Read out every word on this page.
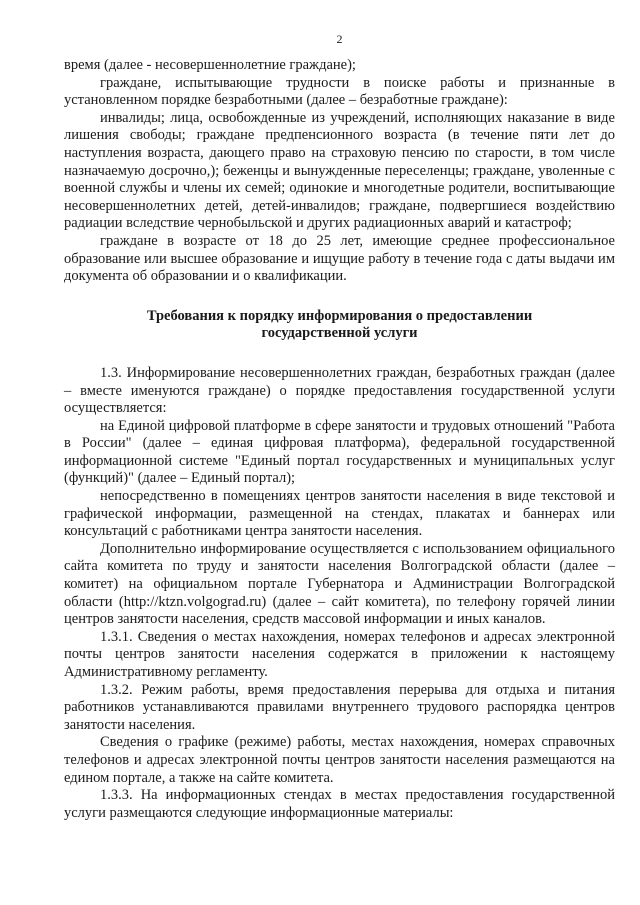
2

время (далее - несовершеннолетние граждане);

граждане, испытывающие трудности в поиске работы и признанные в установленном порядке безработными (далее – безработные граждане):

инвалиды; лица, освобожденные из учреждений, исполняющих наказание в виде лишения свободы; граждане предпенсионного возраста (в течение пяти лет до наступления возраста, дающего право на страховую пенсию по старости, в том числе назначаемую досрочно,); беженцы и вынужденные переселенцы; граждане, уволенные с военной службы и члены их семей; одинокие и многодетные родители, воспитывающие несовершеннолетних детей, детей-инвалидов; граждане, подвергшиеся воздействию радиации вследствие чернобыльской и других радиационных аварий и катастроф;

граждане в возрасте от 18 до 25 лет, имеющие среднее профессиональное образование или высшее образование и ищущие работу в течение года с даты выдачи им документа об образовании и о квалификации.

Требования к порядку информирования о предоставлении
государственной услуги

1.3. Информирование несовершеннолетних граждан, безработных граждан (далее – вместе именуются граждане) о порядке предоставления государственной услуги осуществляется:

на Единой цифровой платформе в сфере занятости и трудовых отношений "Работа в России" (далее – единая цифровая платформа), федеральной государственной информационной системе "Единый портал государственных и муниципальных услуг (функций)" (далее – Единый портал);

непосредственно в помещениях центров занятости населения в виде текстовой и графической информации, размещенной на стендах, плакатах и баннерах или консультаций с работниками центра занятости населения.

Дополнительно информирование осуществляется с использованием официального сайта комитета по труду и занятости населения Волгоградской области (далее – комитет) на официальном портале Губернатора и Администрации Волгоградской области (http://ktzn.volgograd.ru) (далее – сайт комитета), по телефону горячей линии центров занятости населения, средств массовой информации и иных каналов.

1.3.1. Сведения о местах нахождения, номерах телефонов и адресах электронной почты центров занятости населения содержатся в приложении к настоящему Административному регламенту.

1.3.2. Режим работы, время предоставления перерыва для отдыха и питания работников устанавливаются правилами внутреннего трудового распорядка центров занятости населения.

Сведения о графике (режиме) работы, местах нахождения, номерах справочных телефонов и адресах электронной почты центров занятости населения размещаются на едином портале, а также на сайте комитета.

1.3.3. На информационных стендах в местах предоставления государственной услуги размещаются следующие информационные материалы:
